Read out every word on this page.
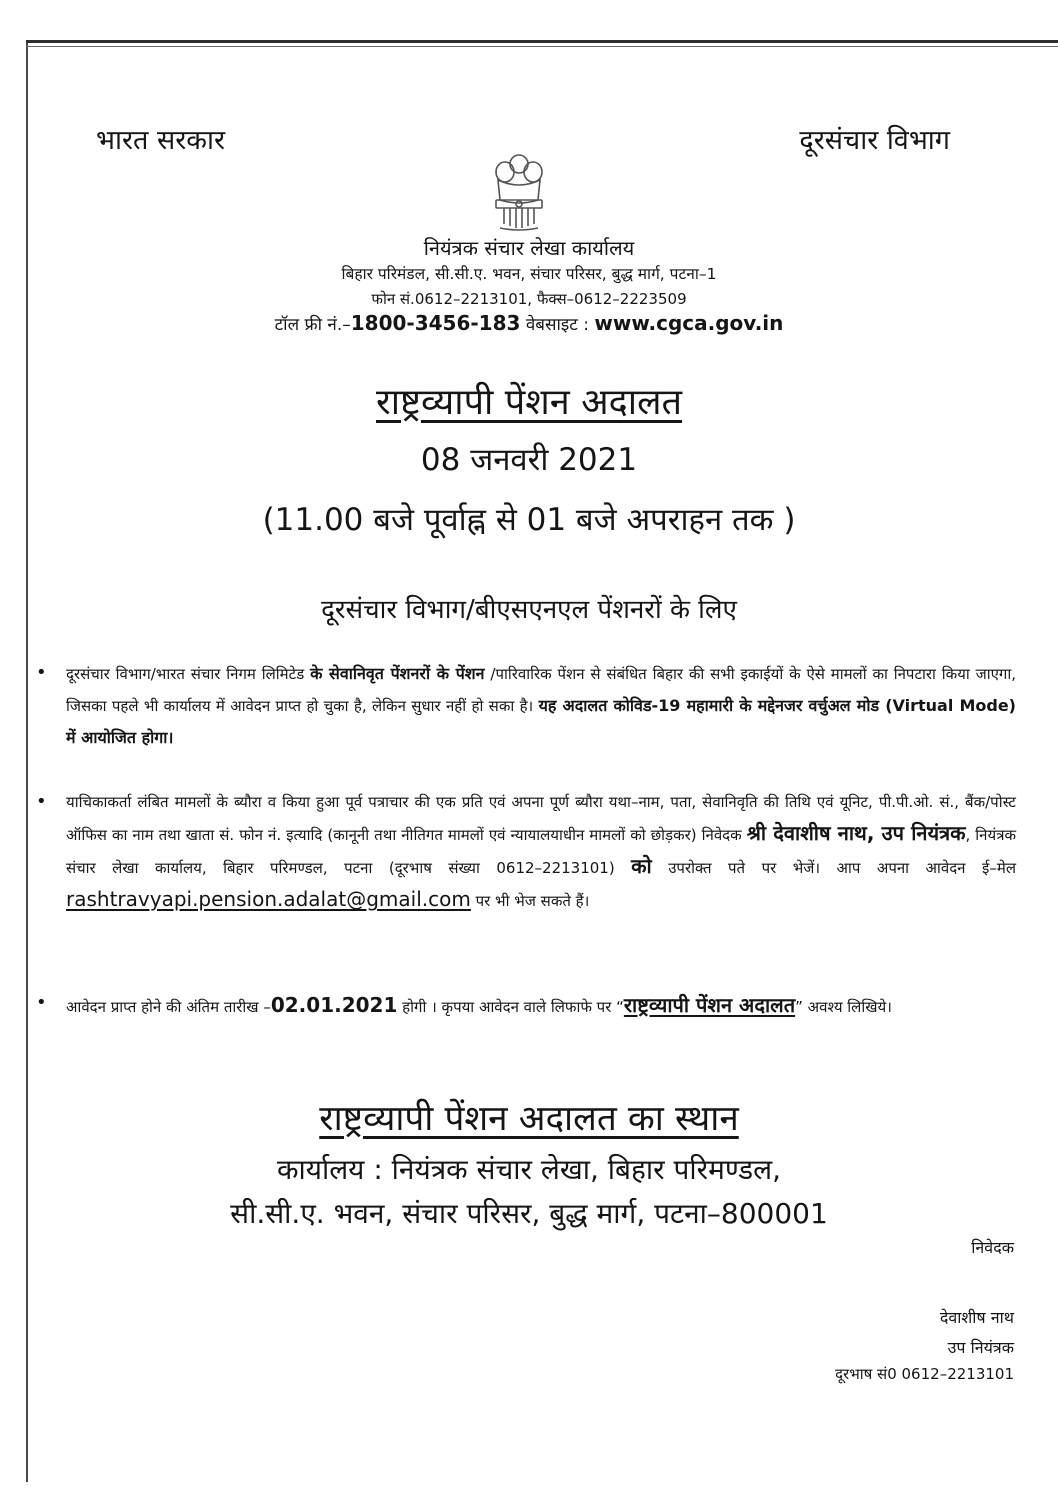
भारत सरकार	दूरसंचार विभाग
नियंत्रक संचार लेखा कार्यालय
बिहार परिमंडल, सी.सी.ए. भवन, संचार परिसर, बुद्ध मार्ग, पटना–1
फोन सं.0612–2213101, फैक्स–0612–2223509
टॉल फ्री नं.–1800-3456-183 वेबसाइट : www.cgca.gov.in
राष्ट्रव्यापी पेंशन अदालत
08 जनवरी 2021
(11.00 बजे पूर्वाह्न से 01 बजे अपराहन तक )
दूरसंचार विभाग/बीएसएनएल पेंशनरों के लिए
• दूरसंचार विभाग/भारत संचार निगम लिमिटेड के सेवानिवृत पेंशनरों के पेंशन /पारिवारिक पेंशन से संबंधित बिहार की सभी इकाईयों के ऐसे मामलों का निपटारा किया जाएगा, जिसका पहले भी कार्यालय में आवेदन प्राप्त हो चुका है, लेकिन सुधार नहीं हो सका है। यह अदालत कोविड-19 महामारी के मद्देनजर वर्चुअल मोड (Virtual Mode) में आयोजित होगा।
• याचिकाकर्ता लंबित मामलों के ब्यौरा व किया हुआ पूर्व पत्राचार की एक प्रति एवं अपना पूर्ण ब्यौरा यथा–नाम, पता, सेवानिवृति की तिथि एवं यूनिट, पी.पी.ओ. सं., बैंक/पोस्ट ऑफिस का नाम तथा खाता सं. फोन नं. इत्यादि (कानूनी तथा नीतिगत मामलों एवं न्यायालयाधीन मामलों को छोड़कर) निवेदक श्री देवाशीष नाथ, उप नियंत्रक, नियंत्रक संचार लेखा कार्यालय, बिहार परिमण्डल, पटना (दूरभाष संख्या 0612–2213101) को उपरोक्त पते पर भेजें। आप अपना आवेदन ई–मेल rashtravyapi.pension.adalat@gmail.com पर भी भेज सकते हैं।
• आवेदन प्राप्त होने की अंतिम तारीख –02.01.2021 होगी । कृपया आवेदन वाले लिफाफे पर “राष्ट्रव्यापी पेंशन अदालत” अवश्य लिखिये।
राष्ट्रव्यापी पेंशन अदालत का स्थान
कार्यालय : नियंत्रक संचार लेखा, बिहार परिमण्डल,
सी.सी.ए. भवन, संचार परिसर, बुद्ध मार्ग, पटना–800001
निवेदक
देवाशीष नाथ
उप नियंत्रक
दूरभाष सं0 0612–2213101
